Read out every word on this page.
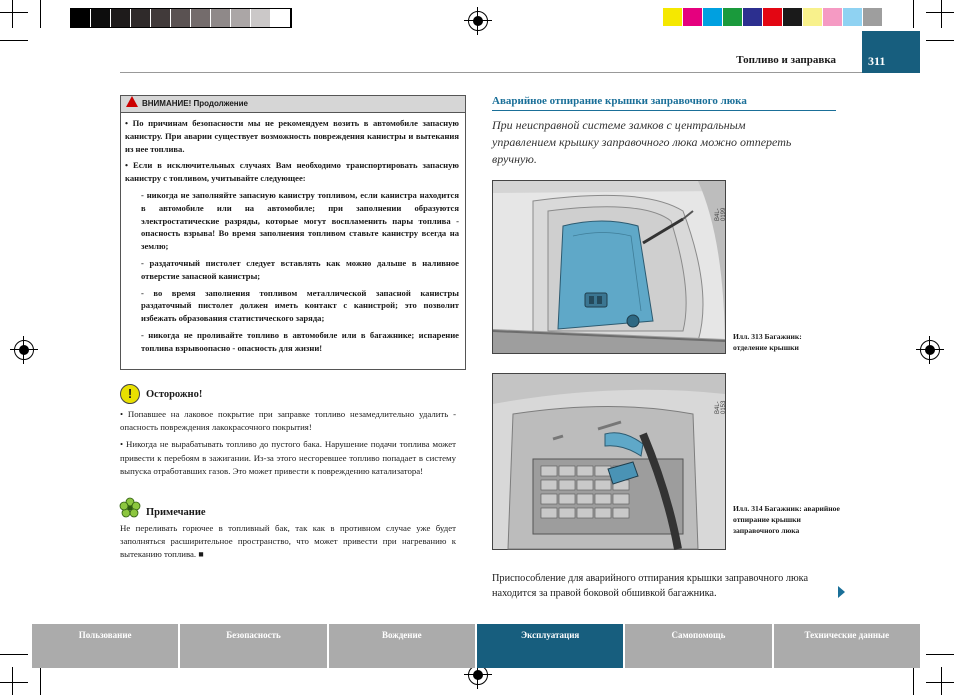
Топливо и заправка	311
ВНИМАНИЕ! Продолжение

• По причинам безопасности мы не рекомендуем возить в автомобиле запасную канистру. При аварии существует возможность повреждения канистры и вытекания из нее топлива.

• Если в исключительных случаях Вам необходимо транспортировать запасную канистру с топливом, учитывайте следующее:

- никогда не заполняйте запасную канистру топливом, если канистра находится в автомобиле или на автомобиле; при заполнении образуются электростатические разряды, которые могут воспламенить пары топлива - опасность взрыва! Во время заполнения топливом ставьте канистру всегда на землю;

- раздаточный пистолет следует вставлять как можно дальше в наливное отверстие запасной канистры;

- во время заполнения топливом металлической запасной канистры раздаточный пистолет должен иметь контакт с канистрой; это позволит избежать образования статистического заряда;

- никогда не проливайте топливо в автомобиле или в багажнике; испарение топлива взрывоопасно - опасность для жизни!

!	Осторожно!

• Попавшее на лаковое покрытие при заправке топливо незамедлительно удалить - опасность повреждения лакокрасочного покрытия!

• Никогда не вырабатывать топливо до пустого бака. Нарушение подачи топлива может привести к перебоям в зажигании. Из-за этого несгоревшее топливо попадает в систему выпуска отработавших газов. Это может привести к повреждению катализатора!

Примечание
Не переливать горючее в топливный бак, так как в противном случае уже будет заполняться расширительное пространство, что может привести при нагреванию к вытеканию топлива. ■
Аварийное отпирание крышки заправочного люка
При неисправной системе замков с центральным управлением крышку заправочного люка можно отпереть вручную.
B4L-0199
Илл. 313 Багажник: отделение крышки
B4L-0153
Илл. 314 Багажник: аварийное отпирание крышки заправочного люка
Приспособление для аварийного отпирания крышки заправочного люка находится за правой боковой обшивкой багажника.
Пользование	Безопасность	Вождение	Эксплуатация	Самопомощь	Технические данные
